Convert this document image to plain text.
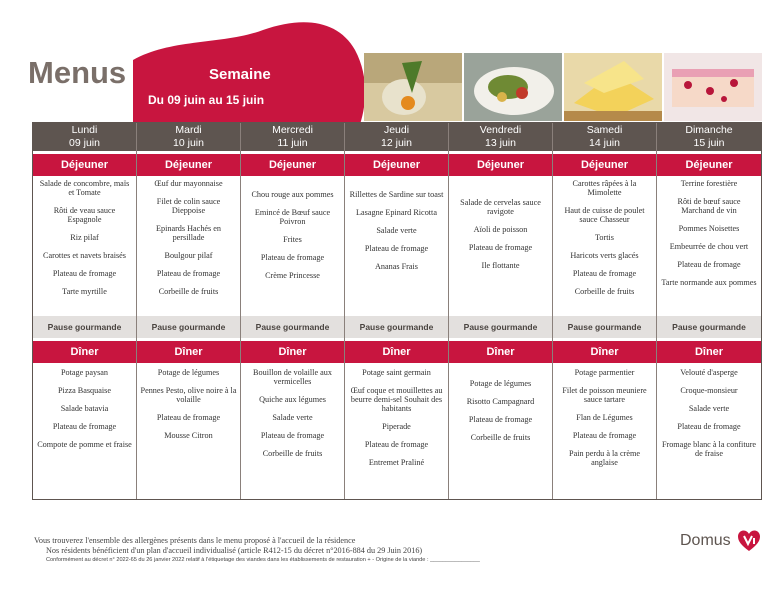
Menus	Semaine
Du 09 juin au 15 juin
Lundi
09 juin
Déjeuner
Salade de concombre, maïs et Tomate
Rôti de veau sauce Espagnole
Riz pilaf
Carottes et navets braisés
Plateau de fromage
Tarte myrtille
Pause gourmande
Dîner
Potage paysan
Pizza Basquaise
Salade batavia
Plateau de fromage
Compote de pomme et fraise
Mardi
10 juin
Déjeuner
Œuf dur mayonnaise
Filet de colin sauce Dieppoise
Epinards Hachés en persillade
Boulgour pilaf
Plateau de fromage
Corbeille de fruits
Pause gourmande
Dîner
Potage de légumes
Pennes Pesto, olive noire à la volaille
Plateau de fromage
Mousse Citron
Mercredi
11 juin
Déjeuner
Chou rouge aux pommes
Emincé de Bœuf sauce Poivron
Frites
Plateau de fromage
Crème Princesse
Pause gourmande
Dîner
Bouillon de volaille aux vermicelles
Quiche aux légumes
Salade verte
Plateau de fromage
Corbeille de fruits
Jeudi
12 juin
Déjeuner
Rillettes de Sardine sur toast
Lasagne Epinard Ricotta
Salade verte
Plateau de fromage
Ananas Frais
Pause gourmande
Dîner
Potage saint germain
Œuf coque et mouillettes au beurre demi-sel Souhait des habitants
Piperade
Plateau de fromage
Entremet Praliné
Vendredi
13 juin
Déjeuner
Salade de cervelas sauce ravigote
Aïoli de poisson
Plateau de fromage
Ile flottante
Pause gourmande
Dîner
Potage de légumes
Risotto Campagnard
Plateau de fromage
Corbeille de fruits
Samedi
14 juin
Déjeuner
Carottes râpées à la Mimolette
Haut de cuisse de poulet sauce Chasseur
Tortis
Haricots verts glacés
Plateau de fromage
Corbeille de fruits
Pause gourmande
Dîner
Potage parmentier
Filet de poisson meuniere sauce tartare
Flan de Légumes
Plateau de fromage
Pain perdu à la crème anglaise
Dimanche
15 juin
Déjeuner
Terrine forestière
Rôti de bœuf sauce Marchand de vin
Pommes Noisettes
Embeurrée de chou vert
Plateau de fromage
Tarte normande aux pommes
Pause gourmande
Dîner
Velouté d'asperge
Croque-monsieur
Salade verte
Plateau de fromage
Fromage blanc à la confiture de fraise
Vous trouverez l'ensemble des allergènes présents dans le menu proposé à l'accueil de la résidence
Nos résidents bénéficient d'un plan d'accueil individualisé (article R412-15 du décret n°2016-884 du 29 Juin 2016)
Conformément au décret n° 2022-65 du 26 janvier 2022 relatif à l'étiquetage des viandes dans les établissements de restauration + - Origine de la viande : ________________
Domus
